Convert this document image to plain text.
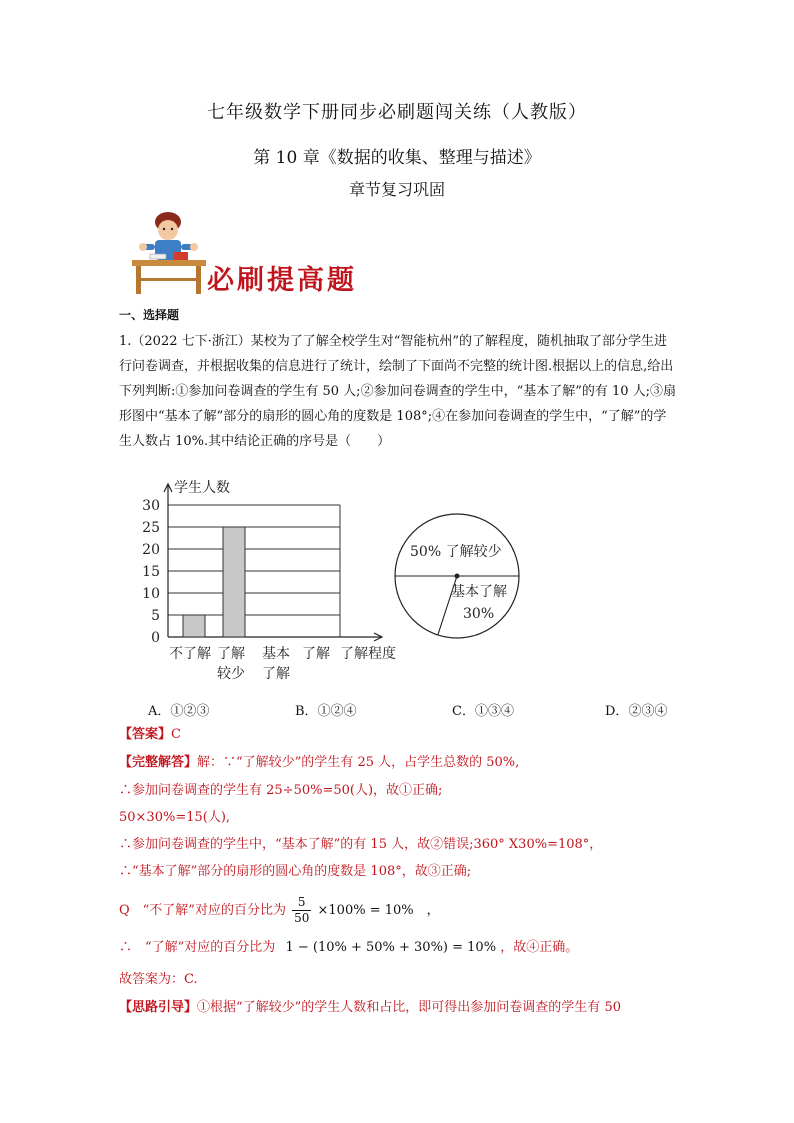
七年级数学下册同步必刷题闯关练（人教版）
第 10 章《数据的收集、整理与描述》
章节复习巩固
必刷提高题
一、选择题
1.（2022 七下·浙江）某校为了了解全校学生对“智能杭州”的了解程度，随机抽取了部分学生进行问卷调查，并根据收集的信息进行了统计，绘制了下面尚不完整的统计图.根据以上的信息,给出下列判断:①参加问卷调查的学生有 50 人;②参加问卷调查的学生中，“基本了解”的有 10 人;③扇形图中“基本了解”部分的扇形的圆心角的度数是 108°;④在参加问卷调查的学生中，“了解”的学生人数占 10%.其中结论正确的序号是（　　）
0
5
10
15
20
25
30
学生人数
了解程度
不了解 了解
较少
基本
了解
了解
50% 了解较少
基本了解
30%
A．①②③	B．①②④	C．①③④	D．②③④
【答案】C
【完整解答】解：∵“了解较少”的学生有 25 人，占学生总数的 50%,
∴参加问卷调查的学生有 25÷50%=50(人)，故①正确;
50×30%=15(人),
∴参加问卷调查的学生中，“基本了解”的有 15 人，故②错误;360° X30%=108°，
∴“基本了解”部分的扇形的圆心角的度数是 108°，故③正确;
Q　“不了解”对应的百分比为 $\frac{5}{50} \times 100\% = 10\%$　，
∴　“了解”对应的百分比为 1 − (10% + 50% + 30%) = 10% ，故④正确。
故答案为：C.
【思路引导】①根据“了解较少”的学生人数和占比，即可得出参加问卷调查的学生有 50
